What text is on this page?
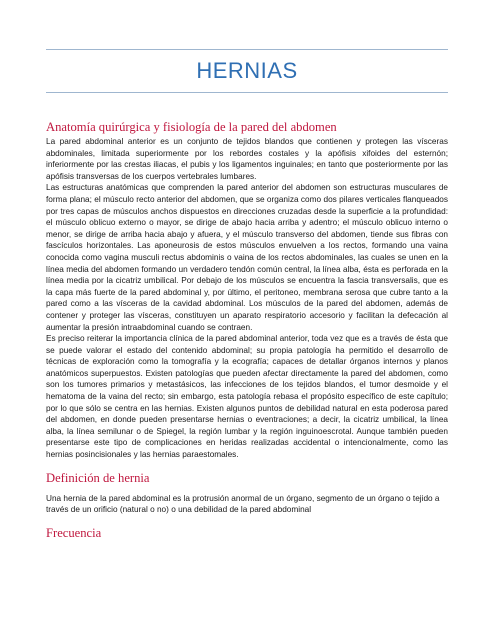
HERNIAS
Anatomía quirúrgica y fisiología de la pared del abdomen

La pared abdominal anterior es un conjunto de tejidos blandos que contienen y protegen las vísceras abdominales, limitada superiormente por los rebordes costales y la apófisis xifoides del esternón; inferiormente por las crestas iliacas, el pubis y los ligamentos inguinales; en tanto que posteriormente por las apófisis transversas de los cuerpos vertebrales lumbares.

Las estructuras anatómicas que comprenden la pared anterior del abdomen son estructuras musculares de forma plana; el músculo recto anterior del abdomen, que se organiza como dos pilares verticales flanqueados por tres capas de músculos anchos dispuestos en direcciones cruzadas desde la superficie a la profundidad: el músculo oblicuo externo o mayor, se dirige de abajo hacia arriba y adentro; el músculo oblicuo interno o menor, se dirige de arriba hacia abajo y afuera, y el músculo transverso del abdomen, tiende sus fibras con fascículos horizontales. Las aponeurosis de estos músculos envuelven a los rectos, formando una vaina conocida como vagina musculi rectus abdominis o vaina de los rectos abdominales, las cuales se unen en la línea media del abdomen formando un verdadero tendón común central, la línea alba, ésta es perforada en la línea media por la cicatriz umbilical. Por debajo de los músculos se encuentra la fascia transversalis, que es la capa más fuerte de la pared abdominal y, por último, el peritoneo, membrana serosa que cubre tanto a la pared como a las vísceras de la cavidad abdominal. Los músculos de la pared del abdomen, además de contener y proteger las vísceras, constituyen un aparato respiratorio accesorio y facilitan la defecación al aumentar la presión intraabdominal cuando se contraen.

Es preciso reiterar la importancia clínica de la pared abdominal anterior, toda vez que es a través de ésta que se puede valorar el estado del contenido abdominal; su propia patología ha permitido el desarrollo de técnicas de exploración como la tomografía y la ecografía; capaces de detallar órganos internos y planos anatómicos superpuestos. Existen patologías que pueden afectar directamente la pared del abdomen, como son los tumores primarios y metastásicos, las infecciones de los tejidos blandos, el tumor desmoide y el hematoma de la vaina del recto; sin embargo, esta patología rebasa el propósito específico de este capítulo; por lo que sólo se centra en las hernias. Existen algunos puntos de debilidad natural en esta poderosa pared del abdomen, en donde pueden presentarse hernias o eventraciones; a decir, la cicatriz umbilical, la línea alba, la línea semilunar o de Spiegel, la región lumbar y la región inguinoescrotal. Aunque también pueden presentarse este tipo de complicaciones en heridas realizadas accidental o intencionalmente, como las hernias posincisionales y las hernias paraestomales.

Definición de hernia

Una hernia de la pared abdominal es la protrusión anormal de un órgano, segmento de un órgano o tejido a través de un orificio (natural o no) o una debilidad de la pared abdominal

Frecuencia
